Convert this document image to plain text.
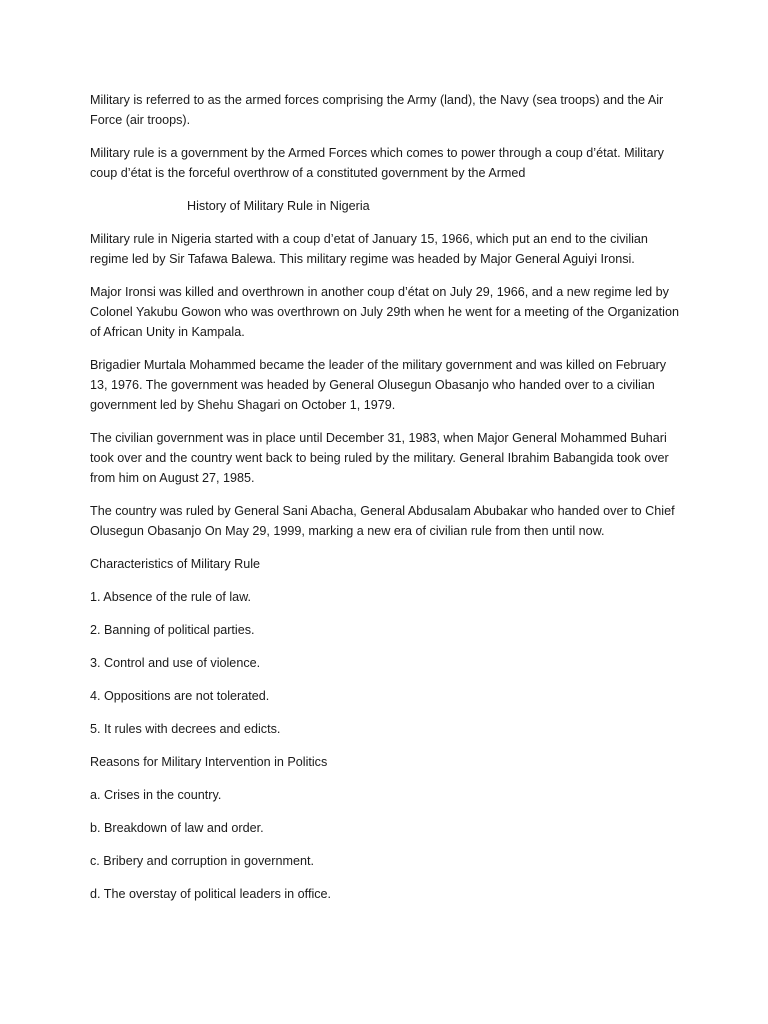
Military is referred to as the armed forces comprising the Army (land), the Navy (sea troops) and the Air Force (air troops).

Military rule is a government by the Armed Forces which comes to power through a coup d’état. Military coup d’état is the forceful overthrow of a constituted government by the Armed

History of Military Rule in Nigeria

Military rule in Nigeria started with a coup d’etat of January 15, 1966, which put an end to the civilian regime led by Sir Tafawa Balewa. This military regime was headed by Major General Aguiyi Ironsi.

Major Ironsi was killed and overthrown in another coup d’état on July 29, 1966, and a new regime led by Colonel Yakubu Gowon who was overthrown on July 29th when he went for a meeting of the Organization of African Unity in Kampala.

Brigadier Murtala Mohammed became the leader of the military government and was killed on February 13, 1976. The government was headed by General Olusegun Obasanjo who handed over to a civilian government led by Shehu Shagari on October 1, 1979.

The civilian government was in place until December 31, 1983, when Major General Mohammed Buhari took over and the country went back to being ruled by the military. General Ibrahim Babangida took over from him on August 27, 1985.

The country was ruled by General Sani Abacha, General Abdusalam Abubakar who handed over to Chief Olusegun Obasanjo On May 29, 1999, marking a new era of civilian rule from then until now.

Characteristics of Military Rule

1. Absence of the rule of law.

2. Banning of political parties.

3. Control and use of violence.

4. Oppositions are not tolerated.

5. It rules with decrees and edicts.

Reasons for Military Intervention in Politics

a. Crises in the country.

b. Breakdown of law and order.

c. Bribery and corruption in government.

d. The overstay of political leaders in office.
